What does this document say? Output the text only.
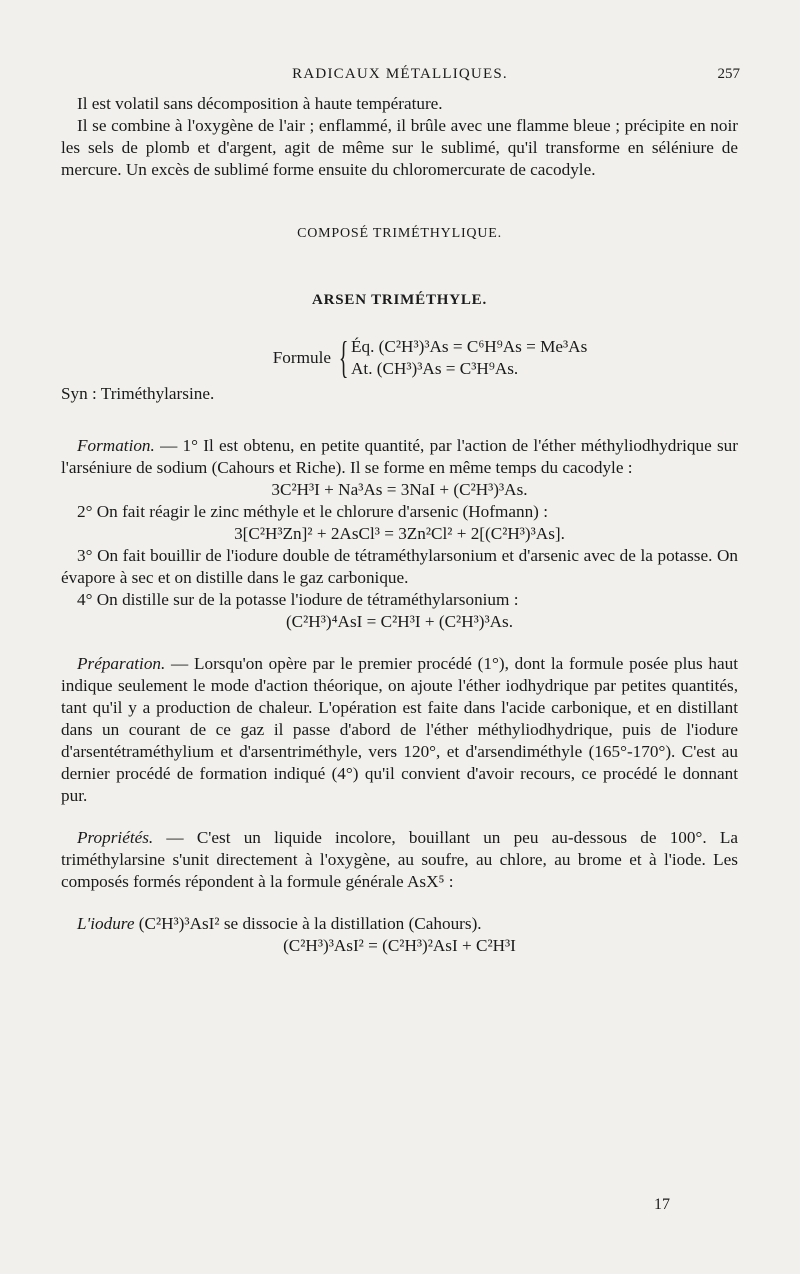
RADICAUX MÉTALLIQUES.	257

Il est volatil sans décomposition à haute température.

Il se combine à l'oxygène de l'air ; enflammé, il brûle avec une flamme bleue ; précipite en noir les sels de plomb et d'argent, agit de même sur le sublimé, qu'il transforme en séléniure de mercure. Un excès de sublimé forme ensuite du chloromercurate de cacodyle.

COMPOSÉ TRIMÉTHYLIQUE.
ARSEN TRIMÉTHYLE.
Formule { Éq. (C²H³)³As = C⁶H⁹As = Me³As
At. (CH³)³As = C³H⁹As.

Syn : Triméthylarsine.

Formation. — 1° Il est obtenu, en petite quantité, par l'action de l'éther méthyliodhydrique sur l'arséniure de sodium (Cahours et Riche). Il se forme en même temps du cacodyle :

3C²H³I + Na³As = 3NaI + (C²H³)³As.

2° On fait réagir le zinc méthyle et le chlorure d'arsenic (Hofmann) :

3[C²H³Zn]² + 2AsCl³ = 3Zn²Cl² + 2[(C²H³)³As].

3° On fait bouillir de l'iodure double de tétraméthylarsonium et d'arsenic avec de la potasse. On évapore à sec et on distille dans le gaz carbonique.

4° On distille sur de la potasse l'iodure de tétraméthylarsonium :

(C²H³)⁴AsI = C²H³I + (C²H³)³As.

Préparation. — Lorsqu'on opère par le premier procédé (1°), dont la formule posée plus haut indique seulement le mode d'action théorique, on ajoute l'éther iodhydrique par petites quantités, tant qu'il y a production de chaleur. L'opération est faite dans l'acide carbonique, et en distillant dans un courant de ce gaz il passe d'abord de l'éther méthyliodhydrique, puis de l'iodure d'arsentétraméthylium et d'arsentriméthyle, vers 120°, et d'arsendiméthyle (165°-170°). C'est au dernier procédé de formation indiqué (4°) qu'il convient d'avoir recours, ce procédé le donnant pur.

Propriétés. — C'est un liquide incolore, bouillant un peu au-dessous de 100°. La triméthylarsine s'unit directement à l'oxygène, au soufre, au chlore, au brome et à l'iode. Les composés formés répondent à la formule générale AsX⁵ :

L'iodure (C²H³)³AsI² se dissocie à la distillation (Cahours).

(C²H³)³AsI² = (C²H³)²AsI + C²H³I
17
